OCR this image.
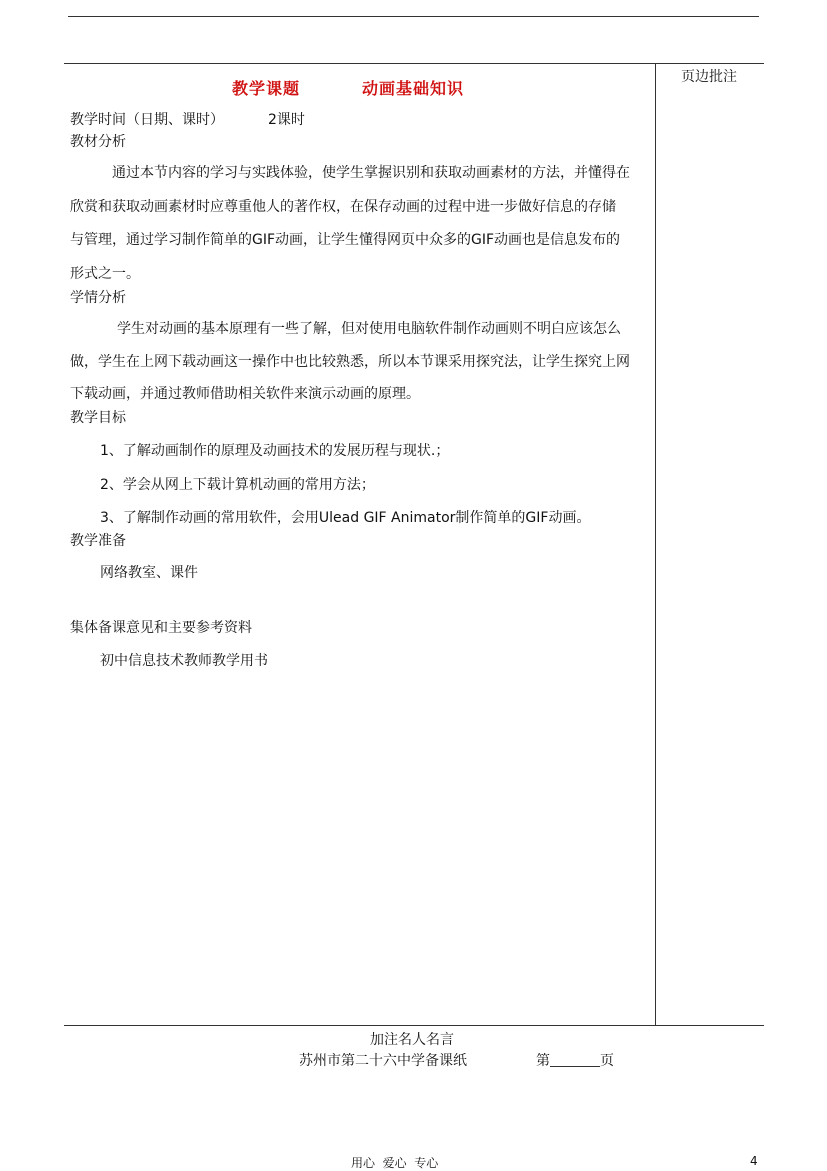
教学课题	动画基础知识
页边批注
教学时间（日期、课时）	2课时
教材分析
通过本节内容的学习与实践体验，使学生掌握识别和获取动画素材的方法，并懂得在
欣赏和获取动画素材时应尊重他人的著作权，在保存动画的过程中进一步做好信息的存储
与管理，通过学习制作简单的GIF动画，让学生懂得网页中众多的GIF动画也是信息发布的
形式之一。
学情分析
学生对动画的基本原理有一些了解，但对使用电脑软件制作动画则不明白应该怎么
做，学生在上网下载动画这一操作中也比较熟悉，所以本节课采用探究法，让学生探究上网
下载动画，并通过教师借助相关软件来演示动画的原理。
教学目标
1、了解动画制作的原理及动画技术的发展历程与现状.；
2、学会从网上下载计算机动画的常用方法；
3、了解制作动画的常用软件，会用Ulead GIF Animator制作简单的GIF动画。
教学准备
网络教室、课件
集体备课意见和主要参考资料
初中信息技术教师教学用书
加注名人名言
苏州市第二十六中学备课纸	第	页
用心  爱心  专心	4
